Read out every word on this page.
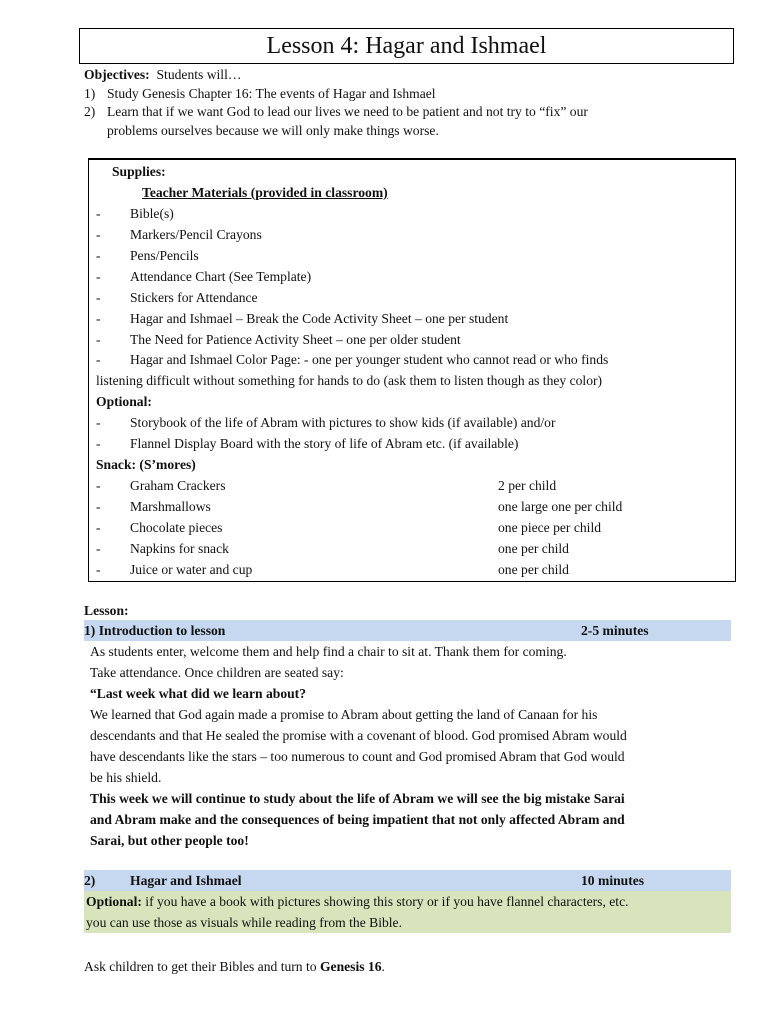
Lesson 4: Hagar and Ishmael
Objectives: Students will…
1) Study Genesis Chapter 16: The events of Hagar and Ishmael
2) Learn that if we want God to lead our lives we need to be patient and not try to “fix” our
problems ourselves because we will only make things worse.
Supplies:
Teacher Materials (provided in classroom)
-	Bible(s)
-	Markers/Pencil Crayons
-	Pens/Pencils
-	Attendance Chart (See Template)
-	Stickers for Attendance
-	Hagar and Ishmael – Break the Code Activity Sheet – one per student
-	The Need for Patience Activity Sheet – one per older student
-	Hagar and Ishmael Color Page: - one per younger student who cannot read or who finds
listening difficult without something for hands to do (ask them to listen though as they color)
Optional:
-	Storybook of the life of Abram with pictures to show kids (if available) and/or
-	Flannel Display Board with the story of life of Abram etc. (if available)
Snack: (S’mores)
-	Graham Crackers	2 per child
-	Marshmallows	one large one per child
-	Chocolate pieces	one piece per child
-	Napkins for snack	one per child
-	Juice or water and cup	one per child
Lesson:
1) Introduction to lesson	2-5 minutes
As students enter, welcome them and help find a chair to sit at. Thank them for coming.
Take attendance. Once children are seated say:
“Last week what did we learn about?
We learned that God again made a promise to Abram about getting the land of Canaan for his
descendants and that He sealed the promise with a covenant of blood. God promised Abram would
have descendants like the stars – too numerous to count and God promised Abram that God would
be his shield.
This week we will continue to study about the life of Abram we will see the big mistake Sarai
and Abram make and the consequences of being impatient that not only affected Abram and
Sarai, but other people too!
2)	Hagar and Ishmael	10 minutes
Optional: if you have a book with pictures showing this story or if you have flannel characters, etc.
you can use those as visuals while reading from the Bible.
Ask children to get their Bibles and turn to Genesis 16.
